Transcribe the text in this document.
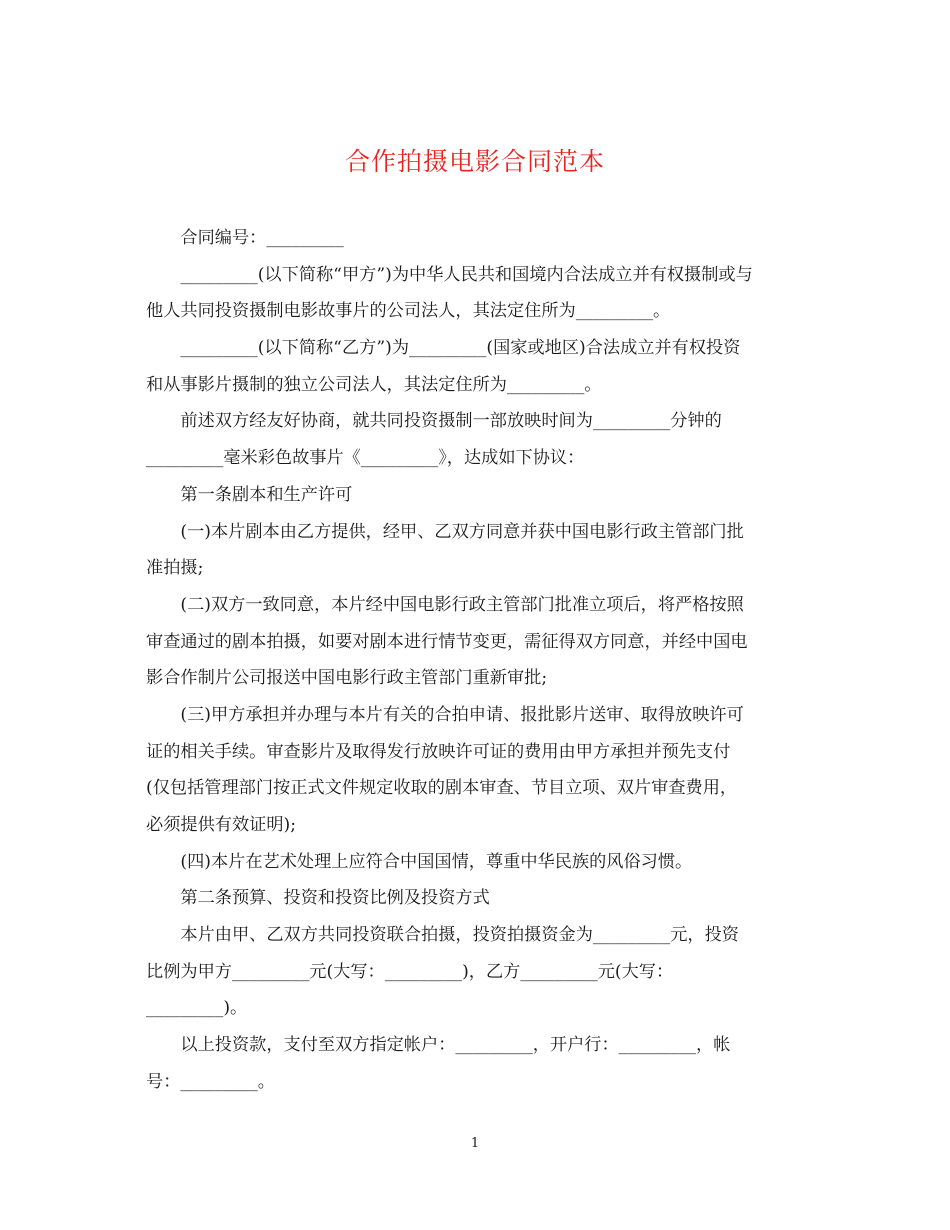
合作拍摄电影合同范本
　　合同编号：_________
　　_________(以下简称“甲方”)为中华人民共和国境内合法成立并有权摄制或与
他人共同投资摄制电影故事片的公司法人，其法定住所为_________。
　　_________(以下简称“乙方”)为_________(国家或地区)合法成立并有权投资
和从事影片摄制的独立公司法人，其法定住所为_________。
　　前述双方经友好协商，就共同投资摄制一部放映时间为_________分钟的
_________毫米彩色故事片《_________》，达成如下协议：
　　第一条剧本和生产许可
　　(一)本片剧本由乙方提供，经甲、乙双方同意并获中国电影行政主管部门批
准拍摄;
　　(二)双方一致同意，本片经中国电影行政主管部门批准立项后，将严格按照
审查通过的剧本拍摄，如要对剧本进行情节变更，需征得双方同意，并经中国电
影合作制片公司报送中国电影行政主管部门重新审批;
　　(三)甲方承担并办理与本片有关的合拍申请、报批影片送审、取得放映许可
证的相关手续。审查影片及取得发行放映许可证的费用由甲方承担并预先支付
(仅包括管理部门按正式文件规定收取的剧本审查、节目立项、双片审查费用，
必须提供有效证明);
　　(四)本片在艺术处理上应符合中国国情，尊重中华民族的风俗习惯。
　　第二条预算、投资和投资比例及投资方式
　　本片由甲、乙双方共同投资联合拍摄，投资拍摄资金为_________元，投资
比例为甲方_________元(大写：_________)，乙方_________元(大写：
_________)。
　　以上投资款，支付至双方指定帐户：_________，开户行：_________，帐
号：_________。
1
